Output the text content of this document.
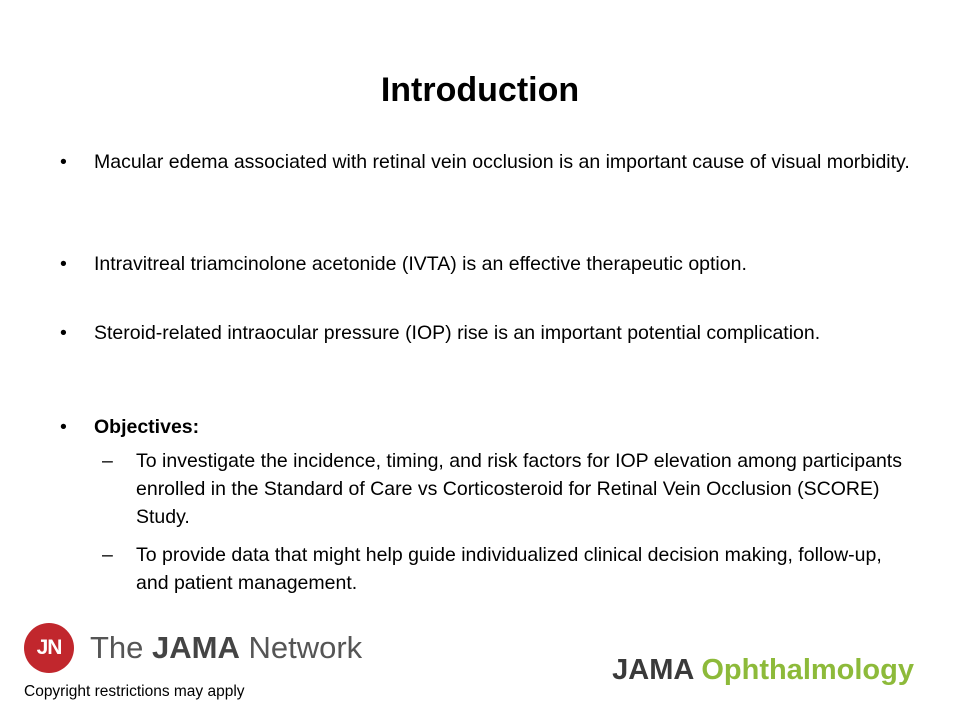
Introduction
•	Macular edema associated with retinal vein occlusion is an important cause of visual morbidity.
•	Intravitreal triamcinolone acetonide (IVTA) is an effective therapeutic option.
•	Steroid-related intraocular pressure (IOP) rise is an important potential complication.
•	Objectives:
–	To investigate the incidence, timing, and risk factors for IOP elevation among participants enrolled in the Standard of Care vs Corticosteroid for Retinal Vein Occlusion (SCORE) Study.
–	To provide data that might help guide individualized clinical decision making, follow-up, and patient management.
JN The JAMA Network
Copyright restrictions may apply
JAMA Ophthalmology
